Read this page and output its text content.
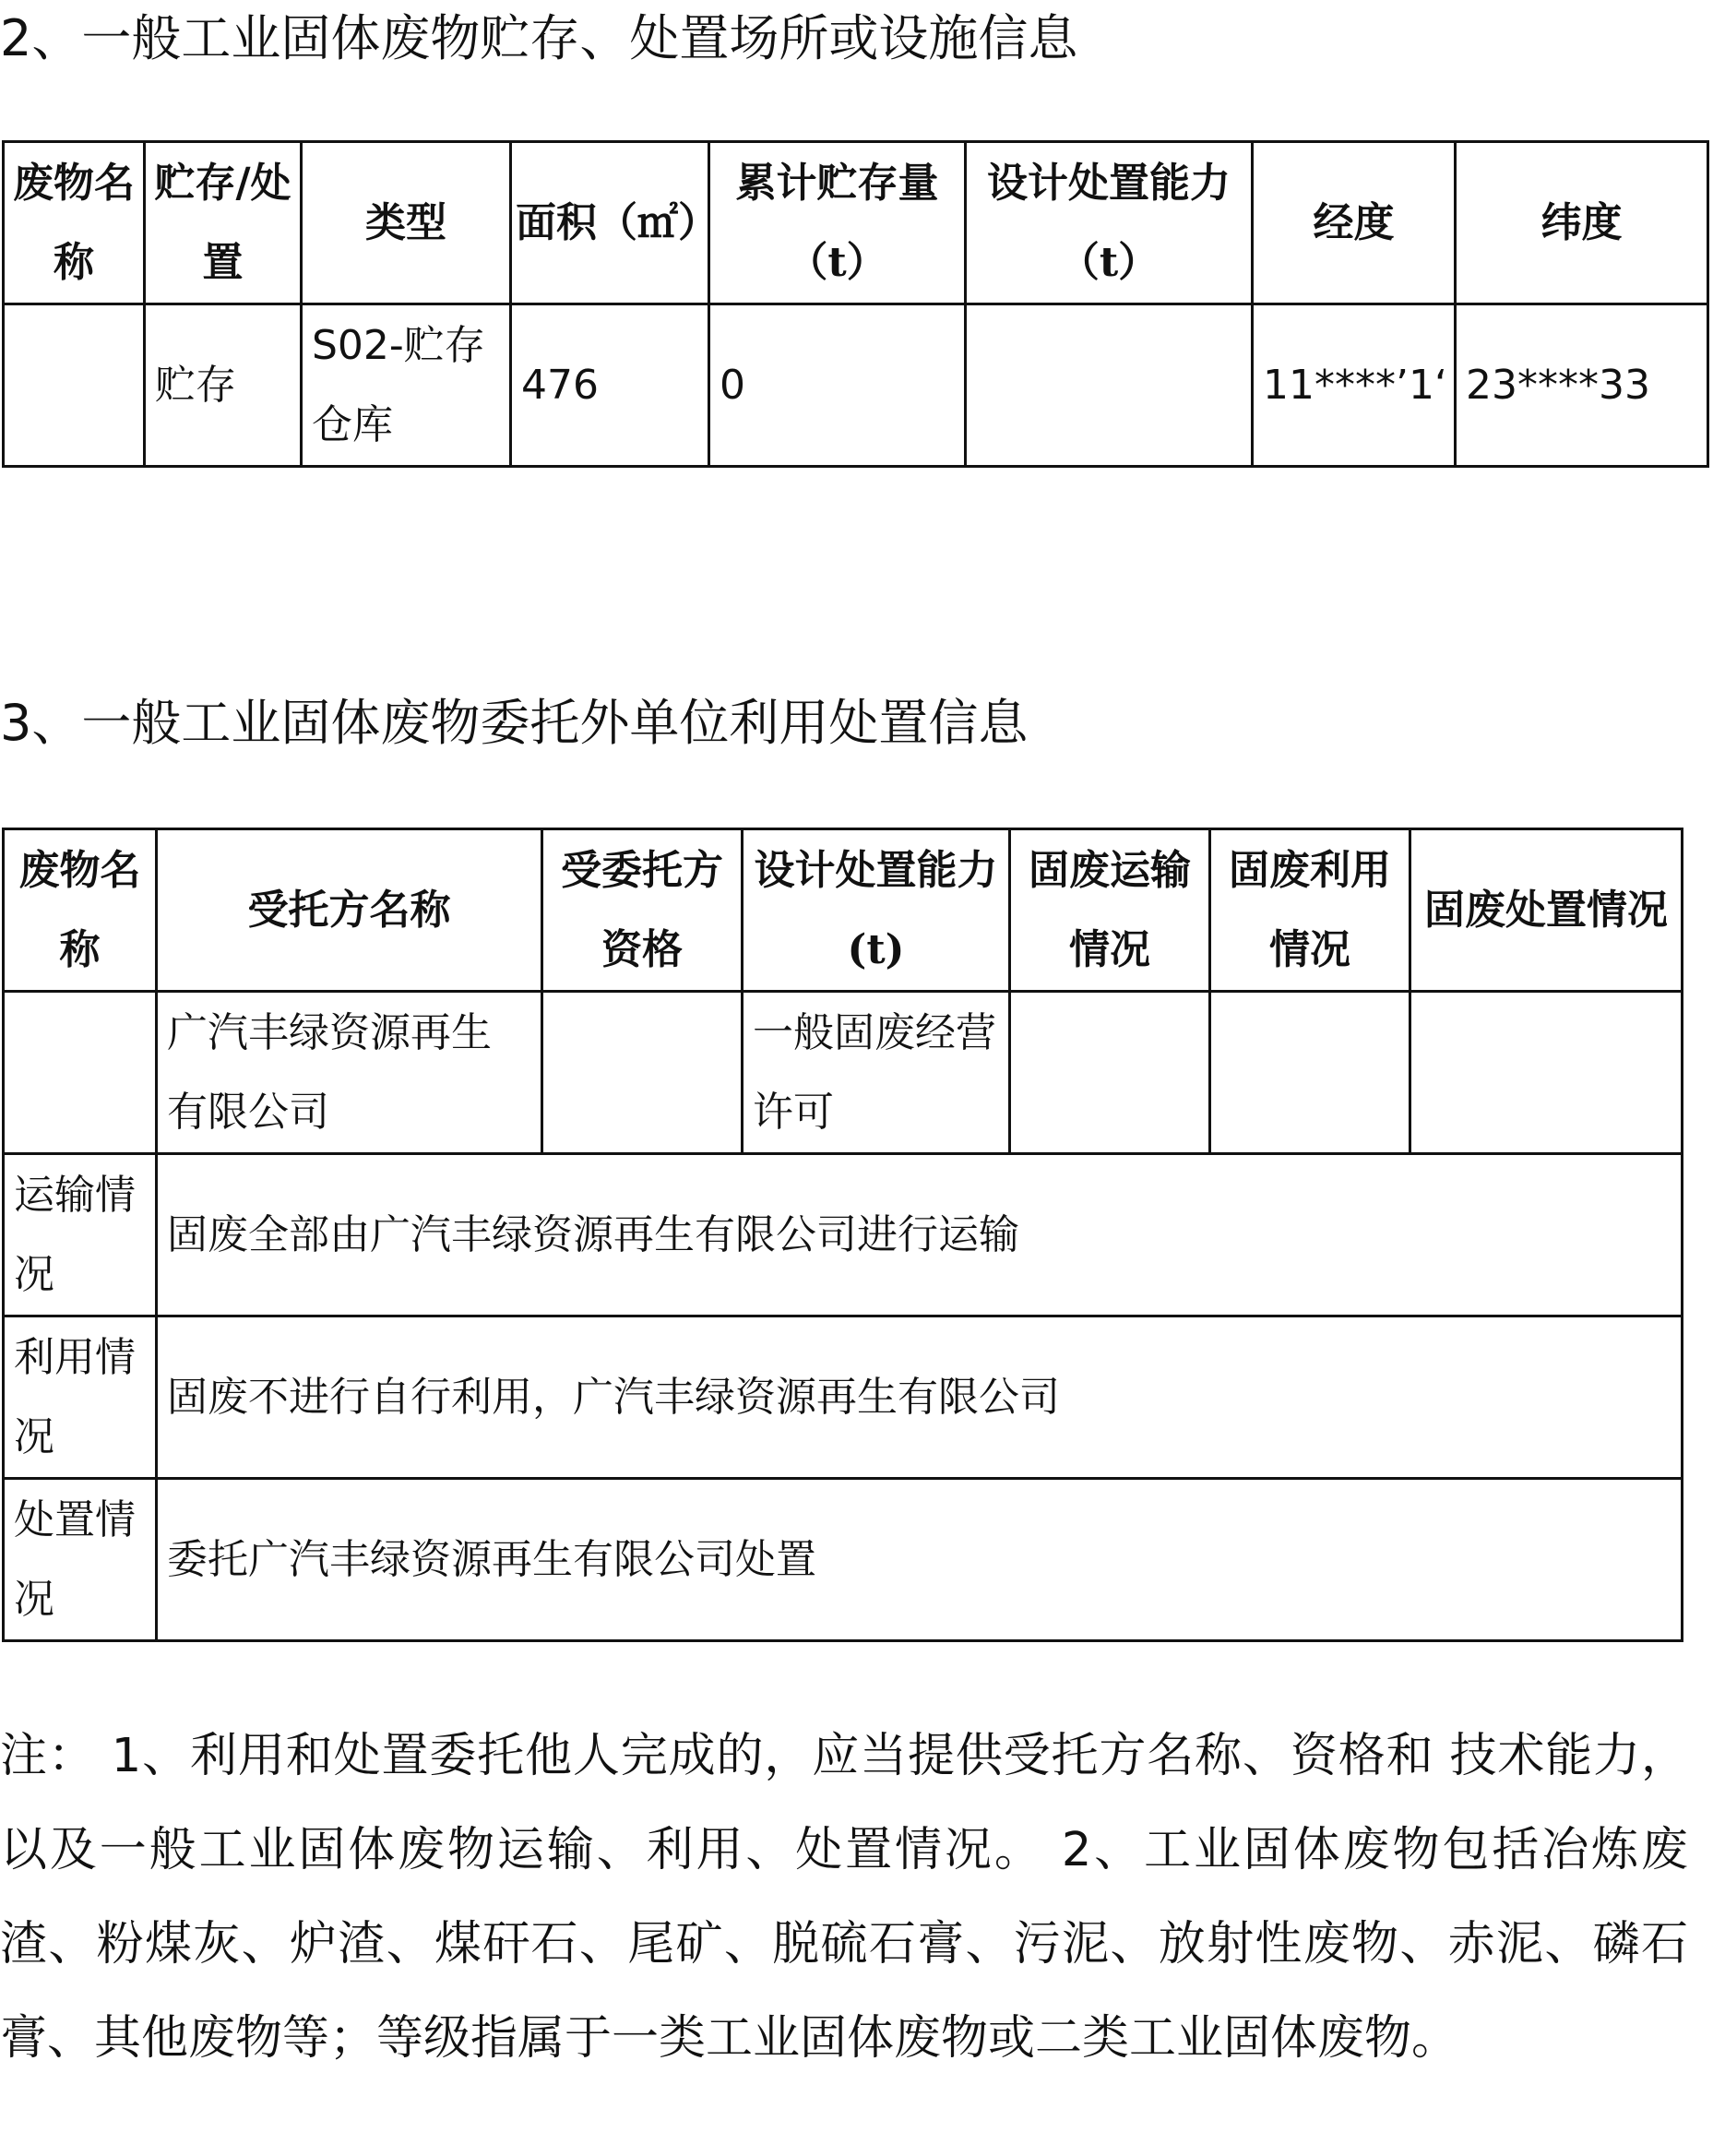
2、一般工业固体废物贮存、处置场所或设施信息
废物名称	贮存/处置	类型	面积（㎡）	累计贮存量（t）	设计处置能力（t）	经度	纬度
	贮存	S02-贮存仓库	476	0		11****’1‘	23****33
3、一般工业固体废物委托外单位利用处置信息
废物名称	受托方名称	受委托方资格	设计处置能力(t)	固废运输情况	固废利用情况	固废处置情况
	广汽丰绿资源再生有限公司		一般固废经营许可			
运输情况	固废全部由广汽丰绿资源再生有限公司进行运输					
利用情况	固废不进行自行利用，广汽丰绿资源再生有限公司					
处置情况	委托广汽丰绿资源再生有限公司处置					

注： 1、利用和处置委托他人完成的，应当提供受托方名称、资格和 技术能力，以及一般工业固体废物运输、利用、处置情况。 2、工业固体废物包括冶炼废渣、粉煤灰、炉渣、煤矸石、尾矿、脱硫石膏、污泥、放射性废物、赤泥、磷石膏、其他废物等；等级指属于一类工业固体废物或二类工业固体废物。
